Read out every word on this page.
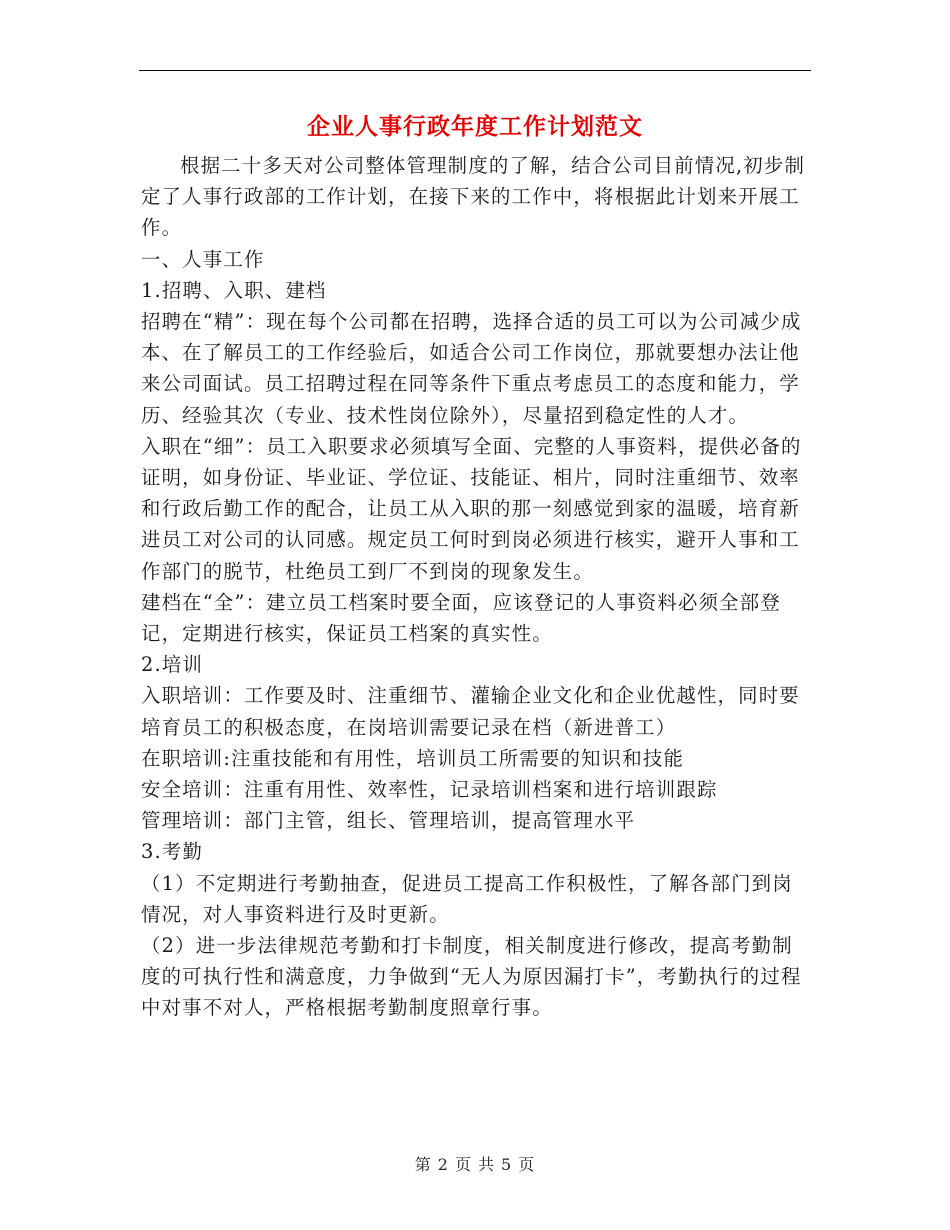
企业人事行政年度工作计划范文

根据二十多天对公司整体管理制度的了解，结合公司目前情况,初步制定了人事行政部的工作计划，在接下来的工作中，将根据此计划来开展工作。

一、人事工作

1.招聘、入职、建档

招聘在“精”：现在每个公司都在招聘，选择合适的员工可以为公司减少成本、在了解员工的工作经验后，如适合公司工作岗位，那就要想办法让他来公司面试。员工招聘过程在同等条件下重点考虑员工的态度和能力，学历、经验其次（专业、技术性岗位除外），尽量招到稳定性的人才。

入职在“细”：员工入职要求必须填写全面、完整的人事资料，提供必备的证明，如身份证、毕业证、学位证、技能证、相片，同时注重细节、效率和行政后勤工作的配合，让员工从入职的那一刻感觉到家的温暖，培育新进员工对公司的认同感。规定员工何时到岗必须进行核实，避开人事和工作部门的脱节，杜绝员工到厂不到岗的现象发生。

建档在“全”：建立员工档案时要全面，应该登记的人事资料必须全部登记，定期进行核实，保证员工档案的真实性。

2.培训

入职培训：工作要及时、注重细节、灌输企业文化和企业优越性，同时要培育员工的积极态度，在岗培训需要记录在档（新进普工）

在职培训:注重技能和有用性，培训员工所需要的知识和技能

安全培训：注重有用性、效率性，记录培训档案和进行培训跟踪

管理培训：部门主管，组长、管理培训，提高管理水平

3.考勤

（1）不定期进行考勤抽查，促进员工提高工作积极性，了解各部门到岗情况，对人事资料进行及时更新。

（2）进一步法律规范考勤和打卡制度，相关制度进行修改，提高考勤制度的可执行性和满意度，力争做到“无人为原因漏打卡”，考勤执行的过程中对事不对人，严格根据考勤制度照章行事。

第 2 页 共 5 页
